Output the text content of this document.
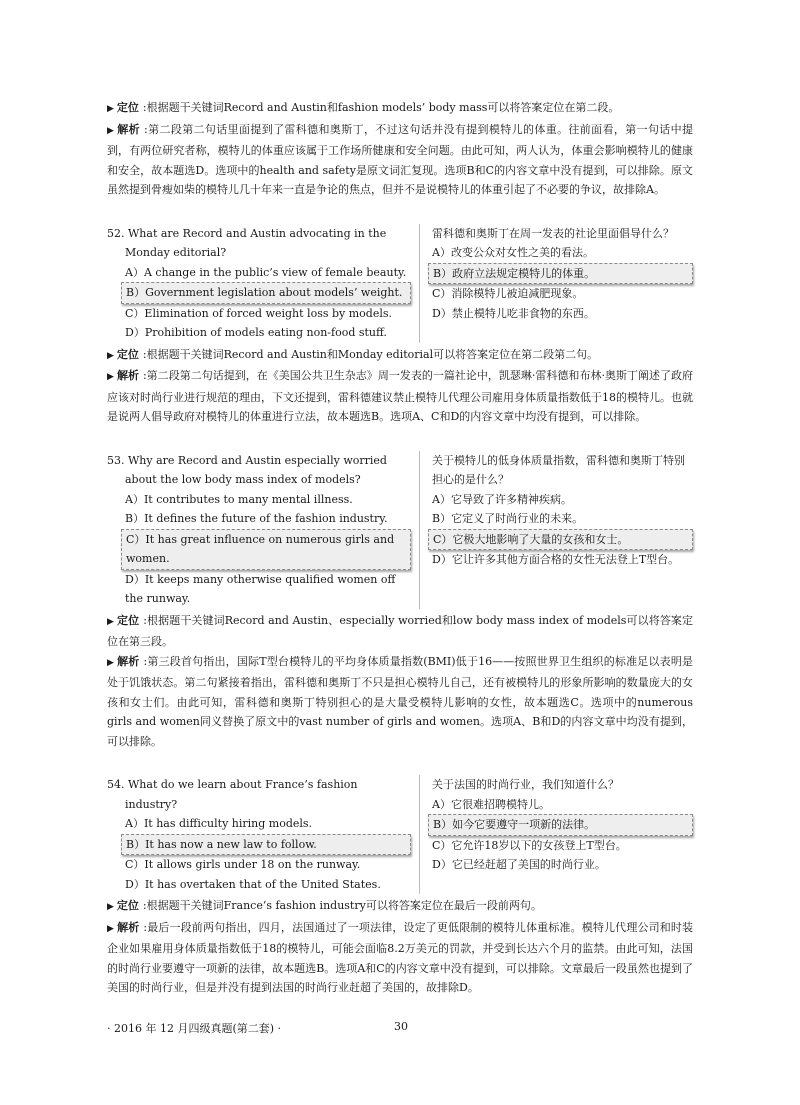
▶ 定位 :根据题干关键词Record and Austin和fashion models’ body mass可以将答案定位在第二段。

▶ 解析 :第二段第二句话里面提到了雷科德和奥斯丁，不过这句话并没有提到模特儿的体重。往前面看，第一句话中提到，有两位研究者称，模特儿的体重应该属于工作场所健康和安全问题。由此可知，两人认为，体重会影响模特儿的健康和安全，故本题选D。选项中的health and safety是原文词汇复现。选项B和C的内容文章中没有提到，可以排除。原文虽然提到骨瘦如柴的模特儿几十年来一直是争论的焦点，但并不是说模特儿的体重引起了不必要的争议，故排除A。

52. What are Record and Austin advocating in the Monday editorial?
A）A change in the public’s view of female beauty.
B）Government legislation about models’ weight.
C）Elimination of forced weight loss by models.
D）Prohibition of models eating non-food stuff.
雷科德和奥斯丁在周一发表的社论里面倡导什么？
A）改变公众对女性之美的看法。
B）政府立法规定模特儿的体重。
C）消除模特儿被迫减肥现象。
D）禁止模特儿吃非食物的东西。

▶ 定位 :根据题干关键词Record and Austin和Monday editorial可以将答案定位在第二段第二句。

▶ 解析 :第二段第二句话提到，在《美国公共卫生杂志》周一发表的一篇社论中，凯瑟琳·雷科德和布林·奥斯丁阐述了政府应该对时尚行业进行规范的理由，下文还提到，雷科德建议禁止模特儿代理公司雇用身体质量指数低于18的模特儿。也就是说两人倡导政府对模特儿的体重进行立法，故本题选B。选项A、C和D的内容文章中均没有提到，可以排除。

53. Why are Record and Austin especially worried about the low body mass index of models?
A）It contributes to many mental illness.
B）It defines the future of the fashion industry.
C）It has great influence on numerous girls and women.
D）It keeps many otherwise qualified women off the runway.
关于模特儿的低身体质量指数，雷科德和奥斯丁特别担心的是什么？
A）它导致了许多精神疾病。
B）它定义了时尚行业的未来。
C）它极大地影响了大量的女孩和女士。
D）它让许多其他方面合格的女性无法登上T型台。

▶ 定位 :根据题干关键词Record and Austin、especially worried和low body mass index of models可以将答案定位在第三段。

▶ 解析 :第三段首句指出，国际T型台模特儿的平均身体质量指数(BMI)低于16——按照世界卫生组织的标准足以表明是处于饥饿状态。第二句紧接着指出，雷科德和奥斯丁不只是担心模特儿自己，还有被模特儿的形象所影响的数量庞大的女孩和女士们。由此可知，雷科德和奥斯丁特别担心的是大量受模特儿影响的女性，故本题选C。选项中的numerous girls and women同义替换了原文中的vast number of girls and women。选项A、B和D的内容文章中均没有提到，可以排除。

54. What do we learn about France’s fashion industry?
A）It has difficulty hiring models.
B）It has now a new law to follow.
C）It allows girls under 18 on the runway.
D）It has overtaken that of the United States.
关于法国的时尚行业，我们知道什么？
A）它很难招聘模特儿。
B）如今它要遵守一项新的法律。
C）它允许18岁以下的女孩登上T型台。
D）它已经赶超了美国的时尚行业。

▶ 定位 :根据题干关键词France’s fashion industry可以将答案定位在最后一段前两句。

▶ 解析 :最后一段前两句指出，四月，法国通过了一项法律，设定了更低限制的模特儿体重标准。模特儿代理公司和时装企业如果雇用身体质量指数低于18的模特儿，可能会面临8.2万美元的罚款，并受到长达六个月的监禁。由此可知，法国的时尚行业要遵守一项新的法律，故本题选B。选项A和C的内容文章中没有提到，可以排除。文章最后一段虽然也提到了美国的时尚行业，但是并没有提到法国的时尚行业赶超了美国的，故排除D。

· 2016 年 12 月四级真题(第二套) ·	30
